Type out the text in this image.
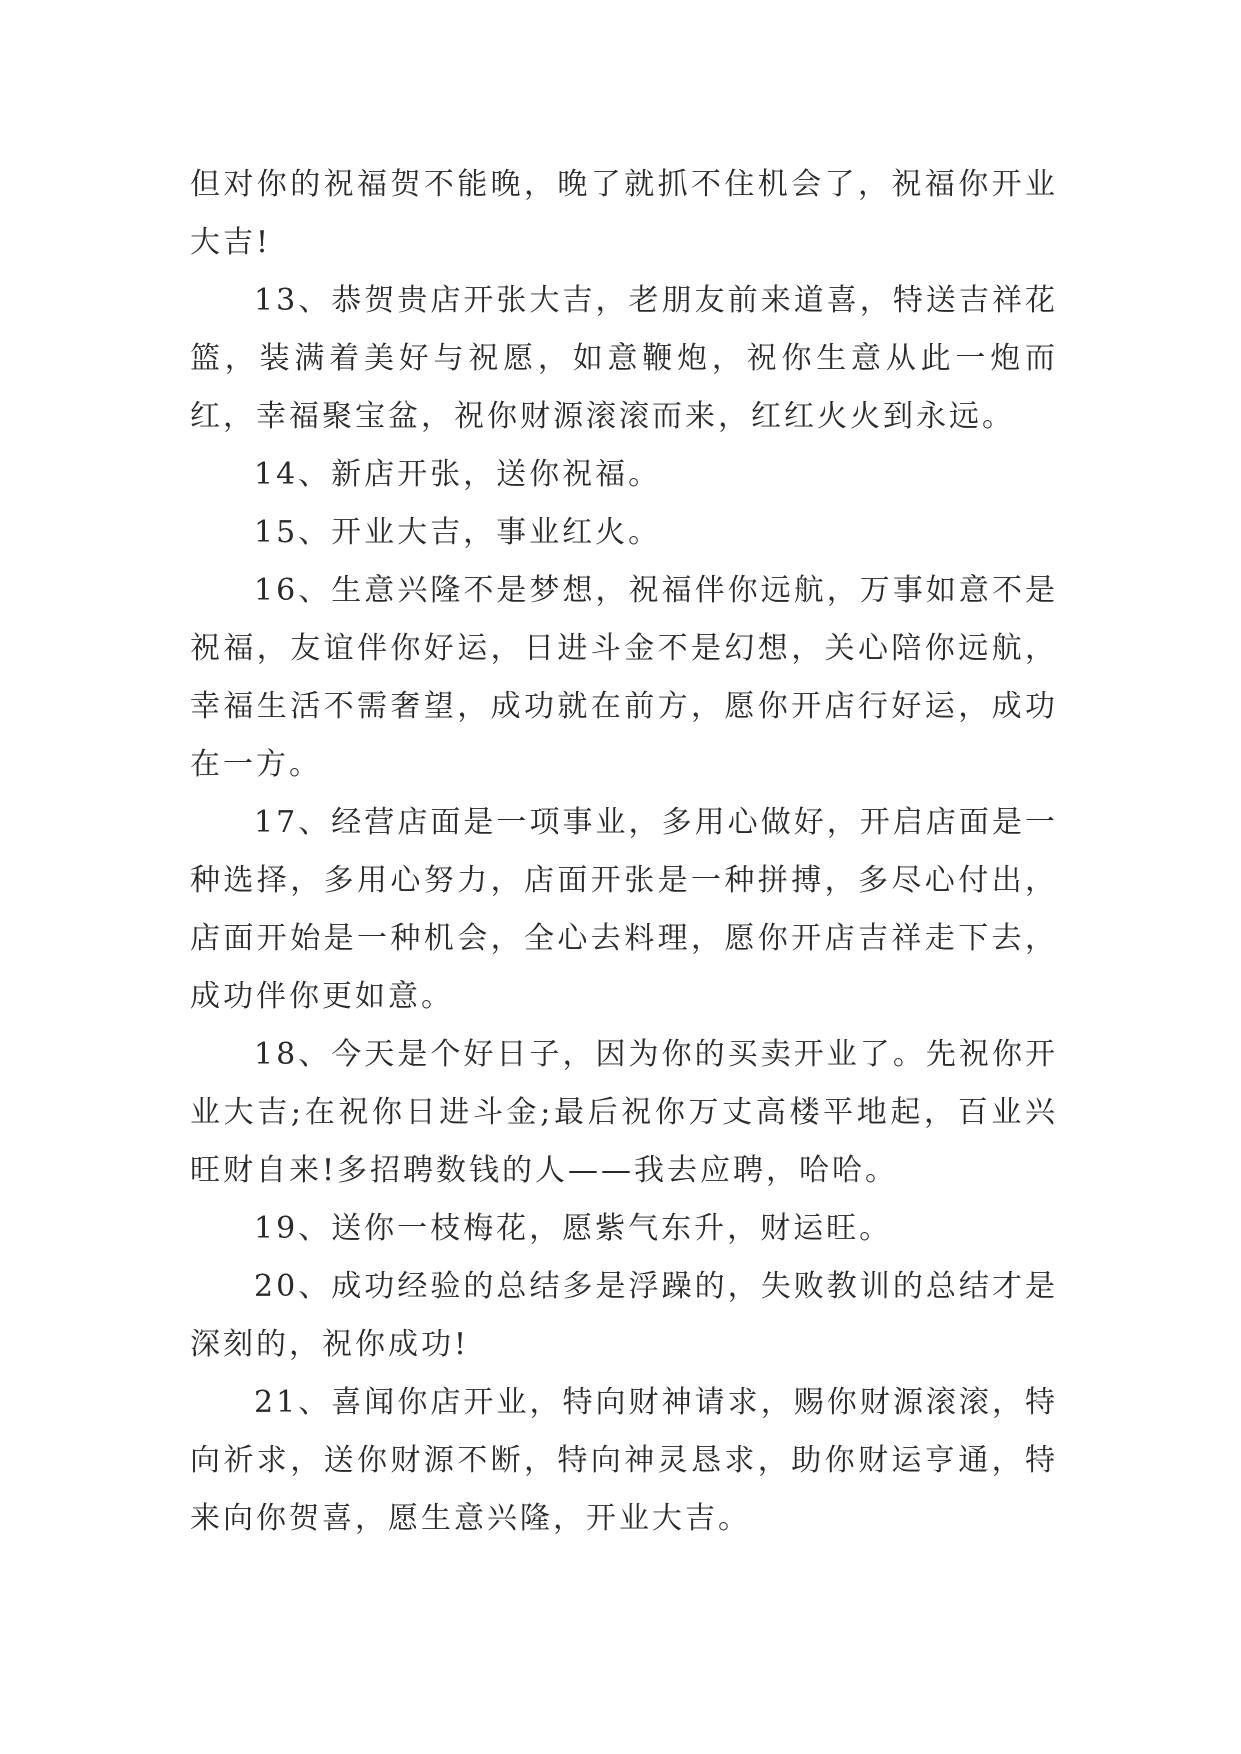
但对你的祝福贺不能晚，晚了就抓不住机会了，祝福你开业大吉!

13、恭贺贵店开张大吉，老朋友前来道喜，特送吉祥花篮，装满着美好与祝愿，如意鞭炮，祝你生意从此一炮而红，幸福聚宝盆，祝你财源滚滚而来，红红火火到永远。

14、新店开张，送你祝福。

15、开业大吉，事业红火。

16、生意兴隆不是梦想，祝福伴你远航，万事如意不是祝福，友谊伴你好运，日进斗金不是幻想，关心陪你远航，幸福生活不需奢望，成功就在前方，愿你开店行好运，成功在一方。

17、经营店面是一项事业，多用心做好，开启店面是一种选择，多用心努力，店面开张是一种拼搏，多尽心付出，店面开始是一种机会，全心去料理，愿你开店吉祥走下去，成功伴你更如意。

18、今天是个好日子，因为你的买卖开业了。先祝你开业大吉;在祝你日进斗金;最后祝你万丈高楼平地起，百业兴旺财自来!多招聘数钱的人——我去应聘，哈哈。

19、送你一枝梅花，愿紫气东升，财运旺。

20、成功经验的总结多是浮躁的，失败教训的总结才是深刻的，祝你成功!

21、喜闻你店开业，特向财神请求，赐你财源滚滚，特向祈求，送你财源不断，特向神灵恳求，助你财运亨通，特来向你贺喜，愿生意兴隆，开业大吉。
